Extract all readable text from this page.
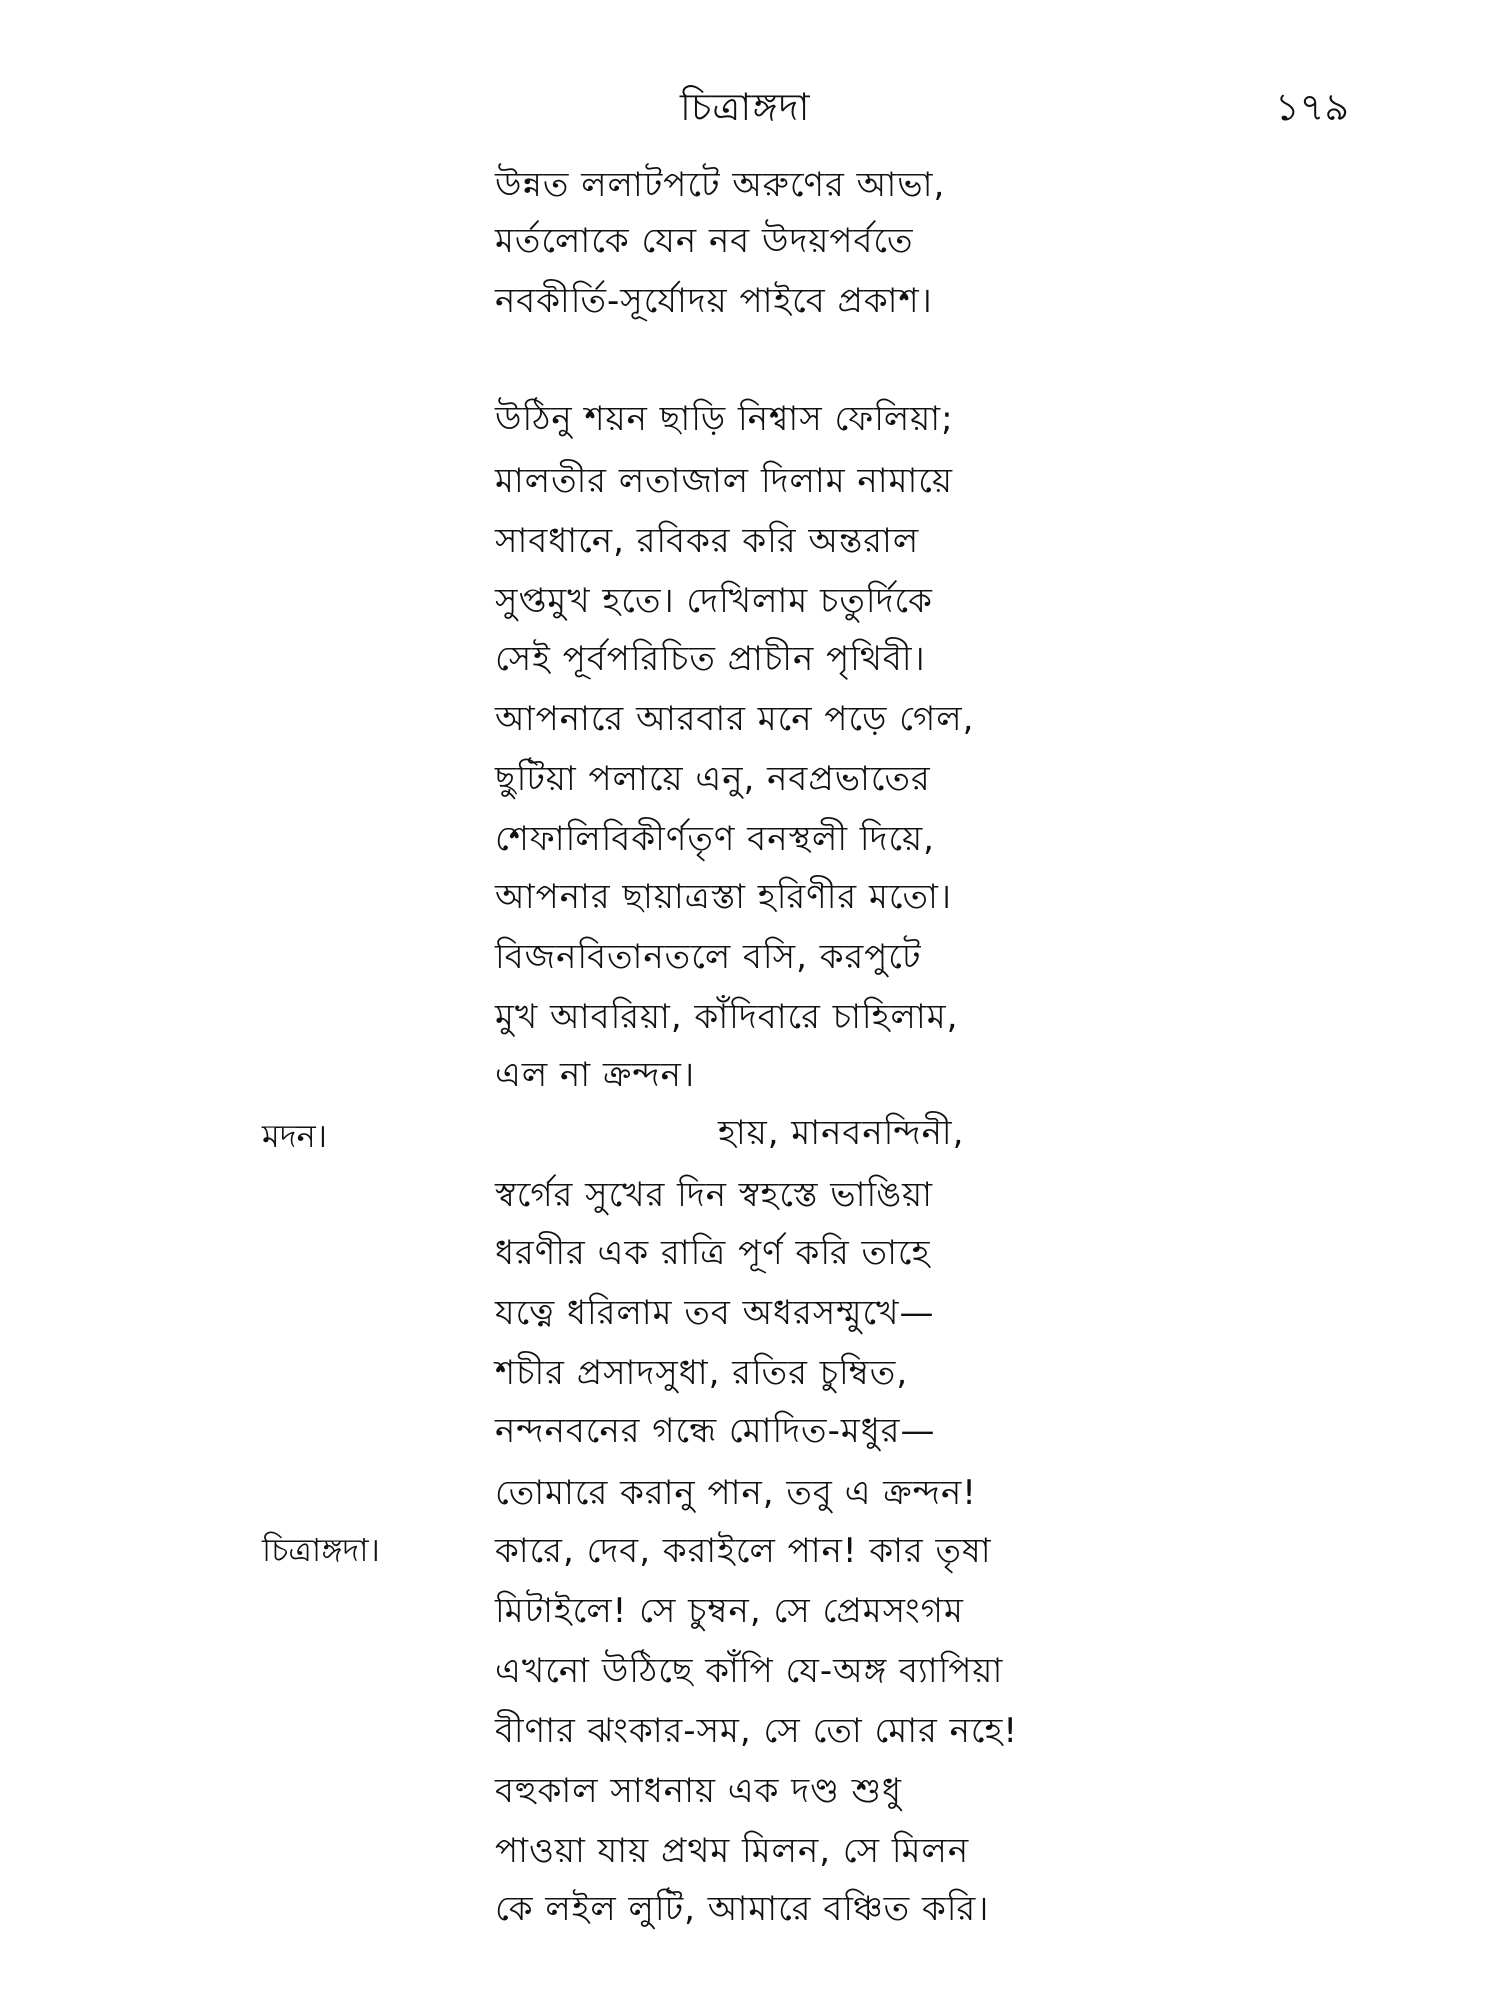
চিত্রাঙ্গদা	১৭৯
উন্নত ললাটপটে অরুণের আভা,
মর্তলোকে যেন নব উদয়পর্বতে
নবকীর্তি-সূর্যোদয় পাইবে প্রকাশ।
উঠিনু শয়ন ছাড়ি নিশ্বাস ফেলিয়া;
মালতীর লতাজাল দিলাম নামায়ে
সাবধানে, রবিকর করি অন্তরাল
সুপ্তমুখ হতে। দেখিলাম চতুর্দিকে
সেই পূর্বপরিচিত প্রাচীন পৃথিবী।
আপনারে আরবার মনে পড়ে গেল,
ছুটিয়া পলায়ে এনু, নবপ্রভাতের
শেফালিবিকীর্ণতৃণ বনস্থলী দিয়ে,
আপনার ছায়াত্রস্তা হরিণীর মতো।
বিজনবিতানতলে বসি, করপুটে
মুখ আবরিয়া, কাঁদিবারে চাহিলাম,
এল না ক্রন্দন।
মদন।	হায়, মানবনন্দিনী,
স্বর্গের সুখের দিন স্বহস্তে ভাঙিয়া
ধরণীর এক রাত্রি পূর্ণ করি তাহে
যত্নে ধরিলাম তব অধরসম্মুখে—
শচীর প্রসাদসুধা, রতির চুম্বিত,
নন্দনবনের গন্ধে মোদিত-মধুর—
তোমারে করানু পান, তবু এ ক্রন্দন!
চিত্রাঙ্গদা।	কারে, দেব, করাইলে পান! কার তৃষা
মিটাইলে! সে চুম্বন, সে প্রেমসংগম
এখনো উঠিছে কাঁপি যে-অঙ্গ ব্যাপিয়া
বীণার ঝংকার-সম, সে তো মোর নহে!
বহুকাল সাধনায় এক দণ্ড শুধু
পাওয়া যায় প্রথম মিলন, সে মিলন
কে লইল লুটি, আমারে বঞ্চিত করি।
